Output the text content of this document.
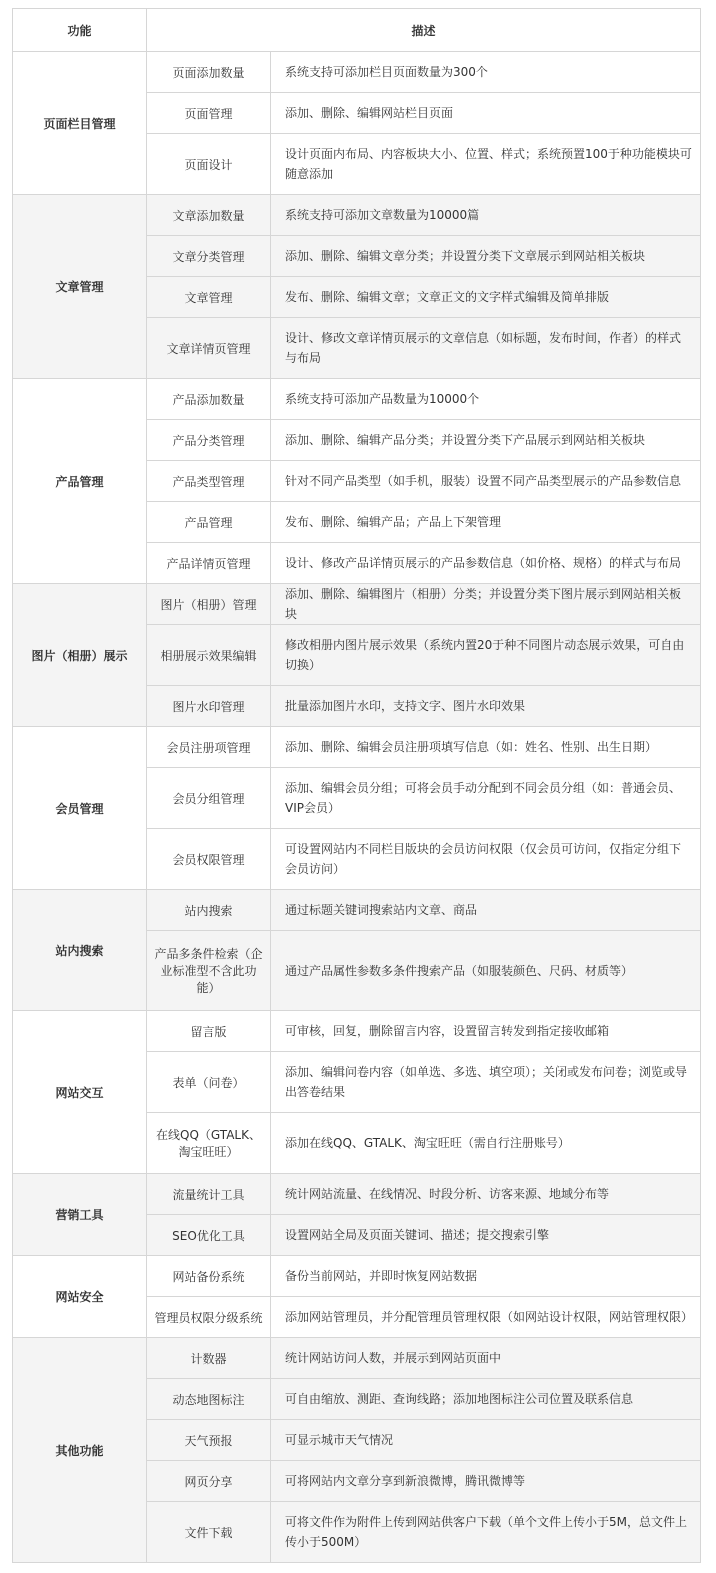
功能	描述	
页面栏目管理	页面添加数量	系统支持可添加栏目页面数量为300个
	页面管理	添加、删除、编辑网站栏目页面
	页面设计	设计页面内布局、内容板块大小、位置、样式；系统预置100于种功能模块可随意添加
文章管理	文章添加数量	系统支持可添加文章数量为10000篇
	文章分类管理	添加、删除、编辑文章分类；并设置分类下文章展示到网站相关板块
	文章管理	发布、删除、编辑文章；文章正文的文字样式编辑及简单排版
	文章详情页管理	设计、修改文章详情页展示的文章信息（如标题，发布时间，作者）的样式与布局
产品管理	产品添加数量	系统支持可添加产品数量为10000个
	产品分类管理	添加、删除、编辑产品分类；并设置分类下产品展示到网站相关板块
	产品类型管理	针对不同产品类型（如手机，服装）设置不同产品类型展示的产品参数信息
	产品管理	发布、删除、编辑产品；产品上下架管理
	产品详情页管理	设计、修改产品详情页展示的产品参数信息（如价格、规格）的样式与布局
图片（相册）展示	图片（相册）管理	添加、删除、编辑图片（相册）分类；并设置分类下图片展示到网站相关板块
	相册展示效果编辑	修改相册内图片展示效果（系统内置20于种不同图片动态展示效果，可自由切换）
	图片水印管理	批量添加图片水印，支持文字、图片水印效果
会员管理	会员注册项管理	添加、删除、编辑会员注册项填写信息（如：姓名、性别、出生日期）
	会员分组管理	添加、编辑会员分组；可将会员手动分配到不同会员分组（如：普通会员、VIP会员）
	会员权限管理	可设置网站内不同栏目版块的会员访问权限（仅会员可访问，仅指定分组下会员访问）
站内搜索	站内搜索	通过标题关键词搜索站内文章、商品
	产品多条件检索（企业标准型不含此功能）	通过产品属性参数多条件搜索产品（如服装颜色、尺码、材质等）
网站交互	留言版	可审核，回复，删除留言内容，设置留言转发到指定接收邮箱
	表单（问卷）	添加、编辑问卷内容（如单选、多选、填空项）；关闭或发布问卷；浏览或导出答卷结果
	在线QQ（GTALK、淘宝旺旺）	添加在线QQ、GTALK、淘宝旺旺（需自行注册账号）
营销工具	流量统计工具	统计网站流量、在线情况、时段分析、访客来源、地域分布等
	SEO优化工具	设置网站全局及页面关键词、描述；提交搜索引擎
网站安全	网站备份系统	备份当前网站，并即时恢复网站数据
	管理员权限分级系统	添加网站管理员，并分配管理员管理权限（如网站设计权限，网站管理权限）
其他功能	计数器	统计网站访问人数，并展示到网站页面中
	动态地图标注	可自由缩放、测距、查询线路；添加地图标注公司位置及联系信息
	天气预报	可显示城市天气情况
	网页分享	可将网站内文章分享到新浪微博，腾讯微博等
	文件下载	可将文件作为附件上传到网站供客户下载（单个文件上传小于5M，总文件上传小于500M）
